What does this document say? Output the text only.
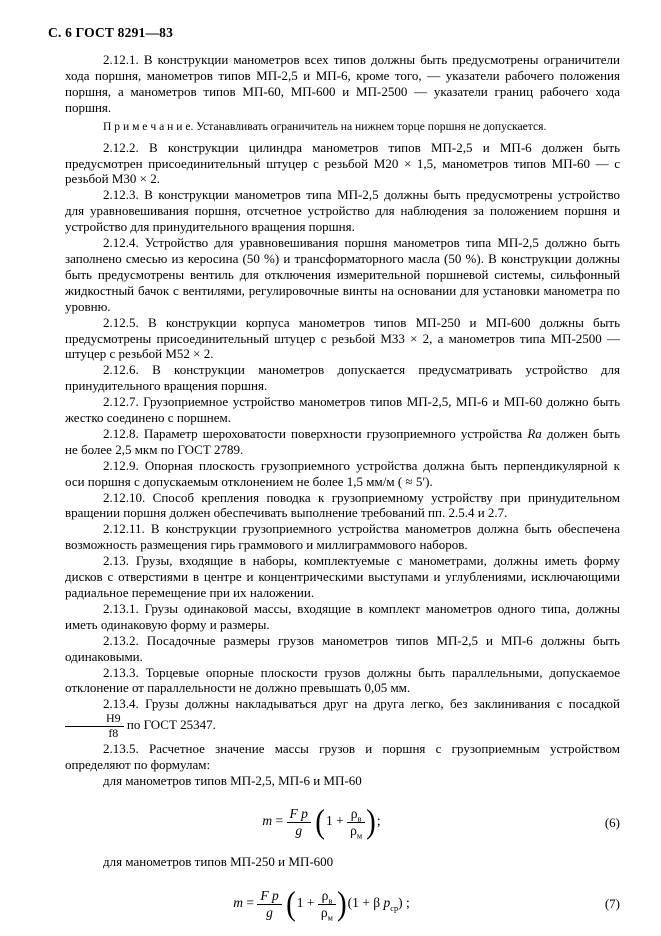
С. 6 ГОСТ 8291—83

2.12.1. В конструкции манометров всех типов должны быть предусмотрены ограничители хода поршня, манометров типов МП-2,5 и МП-6, кроме того, — указатели рабочего положения поршня, а манометров типов МП-60, МП-600 и МП-2500 — указатели границ рабочего хода поршня.

П р и м е ч а н и е. Устанавливать ограничитель на нижнем торце поршня не допускается.

2.12.2. В конструкции цилиндра манометров типов МП-2,5 и МП-6 должен быть предусмотрен присоединительный штуцер с резьбой М20 × 1,5, манометров типов МП-60 — с резьбой М30 × 2.

2.12.3. В конструкции манометров типа МП-2,5 должны быть предусмотрены устройство для уравновешивания поршня, отсчетное устройство для наблюдения за положением поршня и устройство для принудительного вращения поршня.

2.12.4. Устройство для уравновешивания поршня манометров типа МП-2,5 должно быть заполнено смесью из керосина (50 %) и трансформаторного масла (50 %). В конструкции должны быть предусмотрены вентиль для отключения измерительной поршневой системы, сильфонный жидкостный бачок с вентилями, регулировочные винты на основании для установки манометра по уровню.

2.12.5. В конструкции корпуса манометров типов МП-250 и МП-600 должны быть предусмотрены присоединительный штуцер с резьбой М33 × 2, а манометров типа МП-2500 — штуцер с резьбой М52 × 2.

2.12.6. В конструкции манометров допускается предусматривать устройство для принудительного вращения поршня.

2.12.7. Грузоприемное устройство манометров типов МП-2,5, МП-6 и МП-60 должно быть жестко соединено с поршнем.

2.12.8. Параметр шероховатости поверхности грузоприемного устройства Ra должен быть не более 2,5 мкм по ГОСТ 2789.

2.12.9. Опорная плоскость грузоприемного устройства должна быть перпендикулярной к оси поршня с допускаемым отклонением не более 1,5 мм/м ( ≈ 5′).

2.12.10. Способ крепления поводка к грузоприемному устройству при принудительном вращении поршня должен обеспечивать выполнение требований пп. 2.5.4 и 2.7.

2.12.11. В конструкции грузоприемного устройства манометров должна быть обеспечена возможность размещения гирь граммового и миллиграммового наборов.

2.13. Грузы, входящие в наборы, комплектуемые с манометрами, должны иметь форму дисков с отверстиями в центре и концентрическими выступами и углублениями, исключающими радиальное перемещение при их наложении.

2.13.1. Грузы одинаковой массы, входящие в комплект манометров одного типа, должны иметь одинаковую форму и размеры.

2.13.2. Посадочные размеры грузов манометров типов МП-2,5 и МП-6 должны быть одинаковыми.

2.13.3. Торцевые опорные плоскости грузов должны быть параллельными, допускаемое отклонение от параллельности не должно превышать 0,05 мм.

2.13.4. Грузы должны накладываться друг на друга легко, без заклинивания с посадкой
$\frac{H9}{f8}$ по ГОСТ 25347.

2.13.5. Расчетное значение массы грузов и поршня с грузоприемным устройством определяют по формулам:

для манометров типов МП-2,5, МП-6 и МП-60

$m = \frac{\text{F p}}{g} (1 + \frac{\rho_в}{\rho_м}$ );	(6)

для манометров типов МП-250 и МП-600

$m = \frac{\text{F p}}{g} (1 + \frac{\rho_в}{\rho_м} )(1 + \beta$ $p_{ср}$) ;	(7)
